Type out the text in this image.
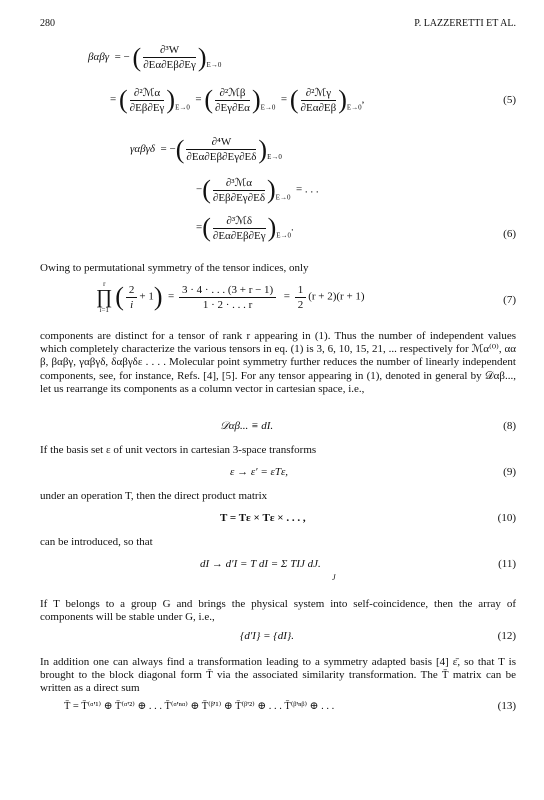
280	P. LAZZERETTI ET AL.
βαβγ = − ( $\frac{\text{∂³W}}{\partial E\alpha\partial E\beta\partial E\gamma} )_{E\to 0}$
= ( $\frac{\text{∂²ℳα}}{\partial E\beta\partial E\gamma} )_{E\to 0}$  = ( $\frac{\text{∂²ℳβ}}{\partial E\gamma\partial E\alpha} )_{E\to 0}$  = ( $\frac{\text{∂²ℳγ}}{\partial E\alpha\partial E\beta} )_{E\to 0}$,	(5)
γαβγδ  = −( $\frac{\text{∂⁴W}}{\partial E\alpha\partial E\beta\partial E\gamma\partial E\delta} )_{E\to 0}$
−( $\frac{\text{∂³ℳα}}{\partial E\beta\partial E\gamma\partial E\delta} )_{E\to 0}$  = . . .
=( $\frac{\text{∂³ℳδ}}{\partial E\alpha\partial E\beta\partial E\gamma} )_{E\to 0}$.
(6)
Owing to permutational symmetry of the tensor indices, only
r
∏
i=1 ( $\frac{2}{i} + 1) = \frac{3 \cdot 4 \cdot . . . (3 + r - 1)}{1 \cdot 2 \cdot . . . r} = \frac{1}{2} (r + 2)(r + 1)$	(7)
components are distinct for a tensor of rank r appearing in (1). Thus the number of independent values which completely characterize the various tensors in eq. (1) is 3, 6, 10, 15, 21, ... respectively for ℳα⁽⁰⁾, αα β, βαβγ, γαβγδ, δαβγδε . . . . Molecular point symmetry further reduces the number of linearly independent components, see, for instance, Refs. [4], [5]. For any tensor appearing in (1), denoted in general by 𝒟αβ..., let us rearrange its components as a column vector in cartesian space, i.e.,
𝒟αβ... ≡ dI.	(8)
If the basis set ε of unit vectors in cartesian 3-space transforms
ε → ε′ = εTε,	(9)
under an operation T, then the direct product matrix
T = Tε × Tε × . . . ,	(10)
can be introduced, so that
dI → d′I = T dI = Σ TIJ dJ.
J
(11)
If T belongs to a group G and brings the physical system into self-coincidence, then the array of components will be stable under G, i.e.,
{d′I} = {dI}.	(12)
In addition one can always find a transformation leading to a symmetry adapted basis [4] ε̄, so that T is brought to the block diagonal form T̄ via the associated similarity transformation. The T̄ matrix can be written as a direct sum
T̄ = T̄⁽ᵅ'¹⁾ ⊕ T̄⁽ᵅ'²⁾ ⊕ . . . T̄⁽ᵅ'ⁿᵅ⁾ ⊕ T̄⁽ᵝ'¹⁾ ⊕ T̄⁽ᵝ'²⁾ ⊕ . . . T̄⁽ᵝ'ⁿᵝ⁾ ⊕ . . .	(13)
